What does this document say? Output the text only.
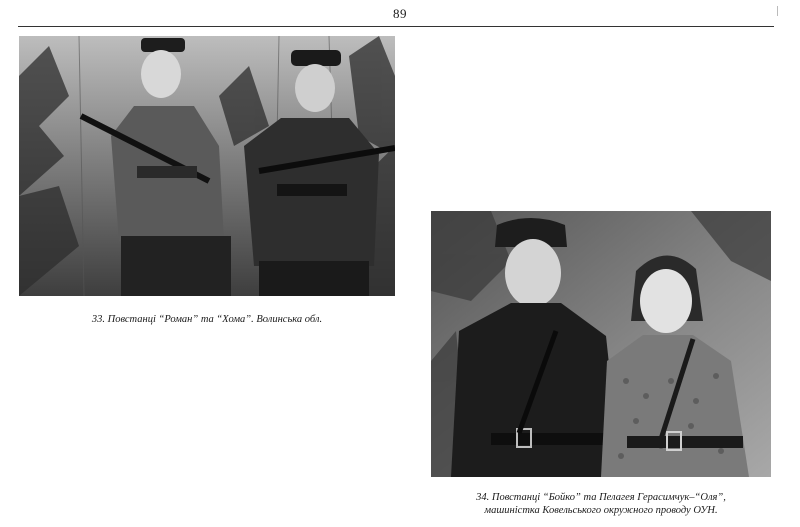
89
33. Повстанці “Роман” та “Хома”. Волинська обл.
34. Повстанці “Бойко” та Пелагея Герасимчук–“Оля”,
машиністка Ковельського окружного проводу ОУН.
